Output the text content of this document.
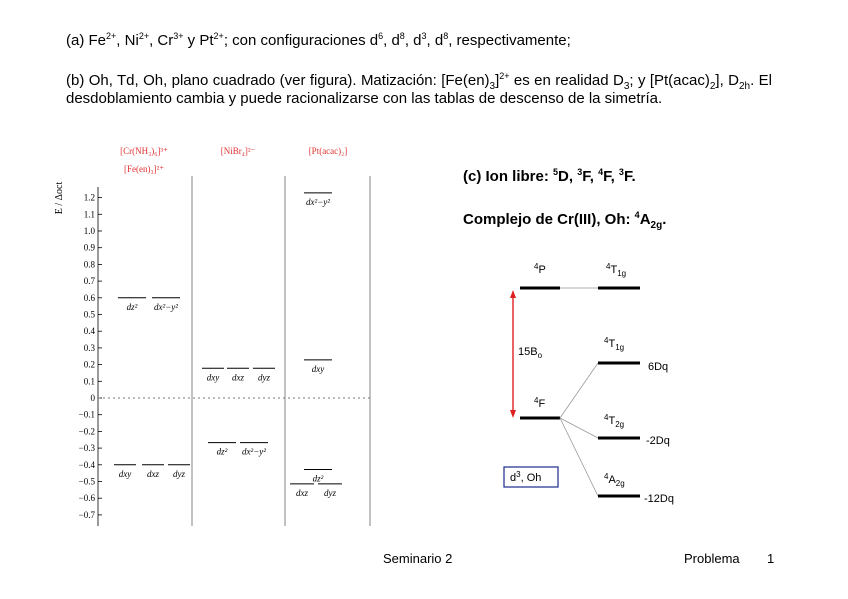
(a) $Fe^{2+}$, $Ni^{2+}$, $Cr^{3+}$ y $Pt^{2+}$; con configuraciones $d^6$, $d^8$, $d^3$, $d^8$, respectivamente;
(b) Oh, Td, Oh, plano cuadrado (ver figura). Matización: $[Fe(en)_3]^{2+}$ es en realidad $D_3$; y $[Pt(acac)_2]$, $D_{2h}$. El desdoblamiento cambia y puede racionalizarse con las tablas de descenso de la simetría.
[Cr(NH₃)₆]³⁺
[Fe(en)₃]²⁺
[NiBr₄]²⁻	[Pt(acac)₂]
E / Δoct 1.2
1.1
1.0
0.9
0.8
0.7
0.6
0.5
0.4
0.3
0.2
0.1
0
−0.1
−0.2
−0.3
−0.4
−0.5
−0.6
−0.7
dz² dx²−y²
dxy dxz dyz
dxy dxz dyz
dz² dx²−y²
dx²−y²
dxy
dz²
dxz dyz
(c) Ion libre: $^5$D, $^3$F, $^4$F, $^3$F.
Complejo de Cr(III), Oh: $^4A_{2g}$.
$^4$P	$^4T_{1g}$
$15B_o$
$^4$F
$^4T_{1g}$
6Dq
$^4T_{2g}$
-2Dq
$d^3$, Oh	$^4A_{2g}$
-12Dq
Seminario 2	Problema 1
